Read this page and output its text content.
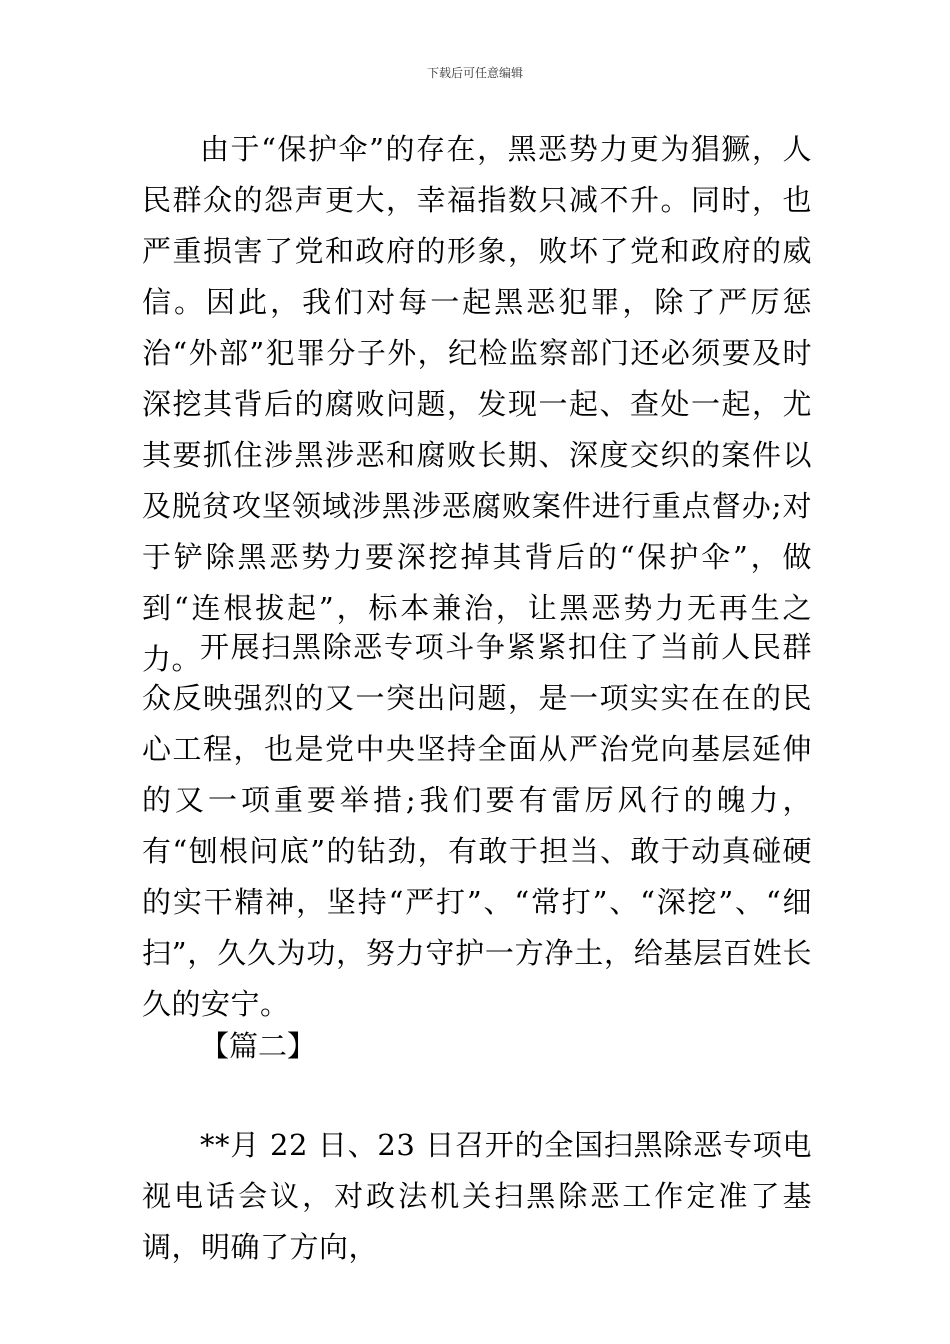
下载后可任意编辑

由于“保护伞”的存在，黑恶势力更为猖獗，人民群众的怨声更大，幸福指数只减不升。同时，也严重损害了党和政府的形象，败坏了党和政府的威信。因此，我们对每一起黑恶犯罪，除了严厉惩治“外部”犯罪分子外，纪检监察部门还必须要及时深挖其背后的腐败问题，发现一起、查处一起，尤其要抓住涉黑涉恶和腐败长期、深度交织的案件以及脱贫攻坚领域涉黑涉恶腐败案件进行重点督办;对于铲除黑恶势力要深挖掉其背后的“保护伞”，做到“连根拔起”，标本兼治，让黑恶势力无再生之力。

开展扫黑除恶专项斗争紧紧扣住了当前人民群众反映强烈的又一突出问题，是一项实实在在的民心工程，也是党中央坚持全面从严治党向基层延伸的又一项重要举措;我们要有雷厉风行的魄力，有“刨根问底”的钻劲，有敢于担当、敢于动真碰硬的实干精神，坚持“严打”、“常打”、“深挖”、“细扫”，久久为功，努力守护一方净土，给基层百姓长久的安宁。

【篇二】

**月 22 日、23 日召开的全国扫黑除恶专项电视电话会议，对政法机关扫黑除恶工作定准了基调，明确了方向，
